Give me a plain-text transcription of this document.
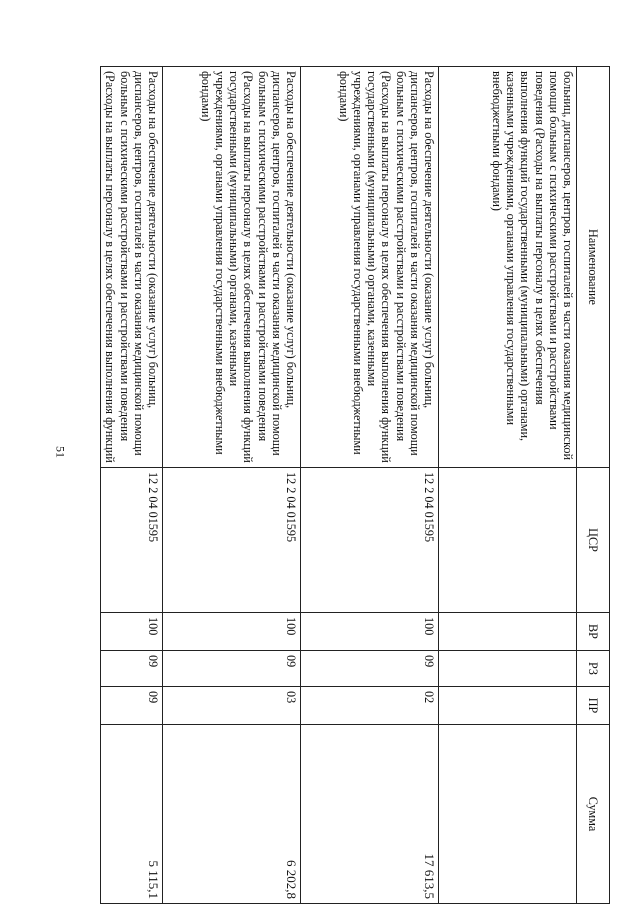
51
Наименование	ЦСР	ВР	РЗ	ПР	Сумма
больниц, диспансеров, центров, госпиталей в части оказания медицинской помощи больным с психическими расстройствами и расстройствами поведения (Расходы на выплаты персоналу в целях обеспечения выполнения функций государственными (муниципальными) органами, казенными учреждениями, органами управления государственными внебюджетными фондами)					
Расходы на обеспечение деятельности (оказание услуг) больниц, диспансеров, центров, госпиталей в части оказания медицинской помощи больным с психическими расстройствами и расстройствами поведения (Расходы на выплаты персоналу в целях обеспечения выполнения функций государственными (муниципальными) органами, казенными учреждениями, органами управления государственными внебюджетными фондами)	12 2 04 01595	100	09	02	17 613,5
Расходы на обеспечение деятельности (оказание услуг) больниц, диспансеров, центров, госпиталей в части оказания медицинской помощи больным с психическими расстройствами и расстройствами поведения (Расходы на выплаты персоналу в целях обеспечения выполнения функций государственными (муниципальными) органами, казенными учреждениями, органами управления государственными внебюджетными фондами)	12 2 04 01595	100	09	03	6 202,8
Расходы на обеспечение деятельности (оказание услуг) больниц, диспансеров, центров, госпиталей в части оказания медицинской помощи больным с психическими расстройствами и расстройствами поведения (Расходы на выплаты персоналу в целях обеспечения выполнения функций	12 2 04 01595	100	09	09	5 115,1
